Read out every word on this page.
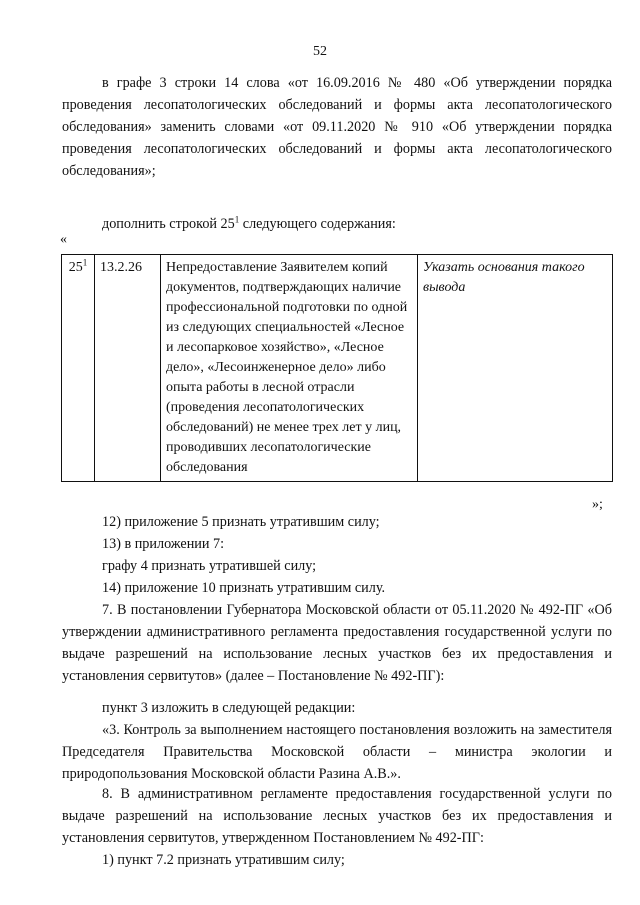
52

в графе 3 строки 14 слова «от 16.09.2016 № 480 «Об утверждении порядка проведения лесопатологических обследований и формы акта лесопатологического обследования» заменить словами «от 09.11.2020 № 910 «Об утверждении порядка проведения лесопатологических обследований и формы акта лесопатологического обследования»;

дополнить строкой $25^1$ следующего содержания:

«
$25^1$	13.2.26	Непредоставление Заявителем копий документов, подтверждающих наличие профессиональной подготовки по одной из следующих специальностей «Лесное и лесопарковое хозяйство», «Лесное дело», «Лесоинженерное дело» либо опыта работы в лесной отрасли (проведения лесопатологических обследований) не менее трех лет у лиц, проводивших лесопатологические обследования	Указать основания такого вывода
»;

12) приложение 5 признать утратившим силу;

13) в приложении 7:

графу 4 признать утратившей силу;

14) приложение 10 признать утратившим силу.

7. В постановлении Губернатора Московской области от 05.11.2020 № 492-ПГ «Об утверждении административного регламента предоставления государственной услуги по выдаче разрешений на использование лесных участков без их предоставления и установления сервитутов» (далее – Постановление № 492-ПГ):

пункт 3 изложить в следующей редакции:

«3. Контроль за выполнением настоящего постановления возложить на заместителя Председателя Правительства Московской области – министра экологии и природопользования Московской области Разина А.В.».

8. В административном регламенте предоставления государственной услуги по выдаче разрешений на использование лесных участков без их предоставления и установления сервитутов, утвержденном Постановлением № 492-ПГ:

1) пункт 7.2 признать утратившим силу;
